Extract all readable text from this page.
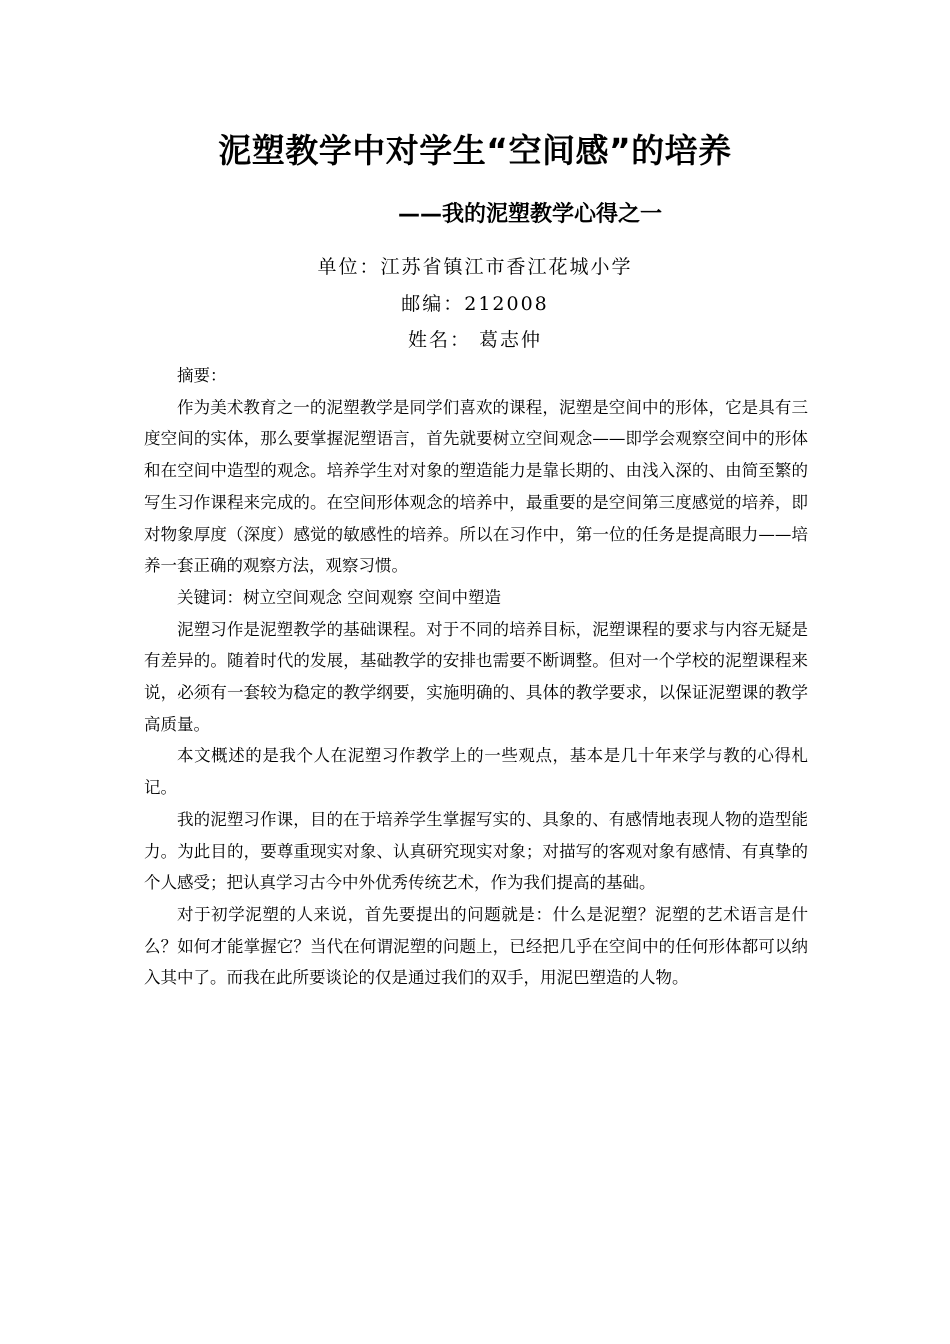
泥塑教学中对学生“空间感”的培养
——我的泥塑教学心得之一
单位：江苏省镇江市香江花城小学
邮编：212008
姓名： 葛志仲
摘要：

作为美术教育之一的泥塑教学是同学们喜欢的课程，泥塑是空间中的形体，它是具有三度空间的实体，那么要掌握泥塑语言，首先就要树立空间观念——即学会观察空间中的形体和在空间中造型的观念。培养学生对对象的塑造能力是靠长期的、由浅入深的、由简至繁的写生习作课程来完成的。在空间形体观念的培养中，最重要的是空间第三度感觉的培养，即对物象厚度（深度）感觉的敏感性的培养。所以在习作中，第一位的任务是提高眼力——培养一套正确的观察方法，观察习惯。

关键词：树立空间观念 空间观察 空间中塑造

泥塑习作是泥塑教学的基础课程。对于不同的培养目标，泥塑课程的要求与内容无疑是有差异的。随着时代的发展，基础教学的安排也需要不断调整。但对一个学校的泥塑课程来说，必须有一套较为稳定的教学纲要，实施明确的、具体的教学要求，以保证泥塑课的教学高质量。

本文概述的是我个人在泥塑习作教学上的一些观点，基本是几十年来学与教的心得札记。

我的泥塑习作课，目的在于培养学生掌握写实的、具象的、有感情地表现人物的造型能力。为此目的，要尊重现实对象、认真研究现实对象；对描写的客观对象有感情、有真挚的个人感受；把认真学习古今中外优秀传统艺术，作为我们提高的基础。

对于初学泥塑的人来说，首先要提出的问题就是：什么是泥塑？泥塑的艺术语言是什么？如何才能掌握它？当代在何谓泥塑的问题上，已经把几乎在空间中的任何形体都可以纳入其中了。而我在此所要谈论的仅是通过我们的双手，用泥巴塑造的人物。
